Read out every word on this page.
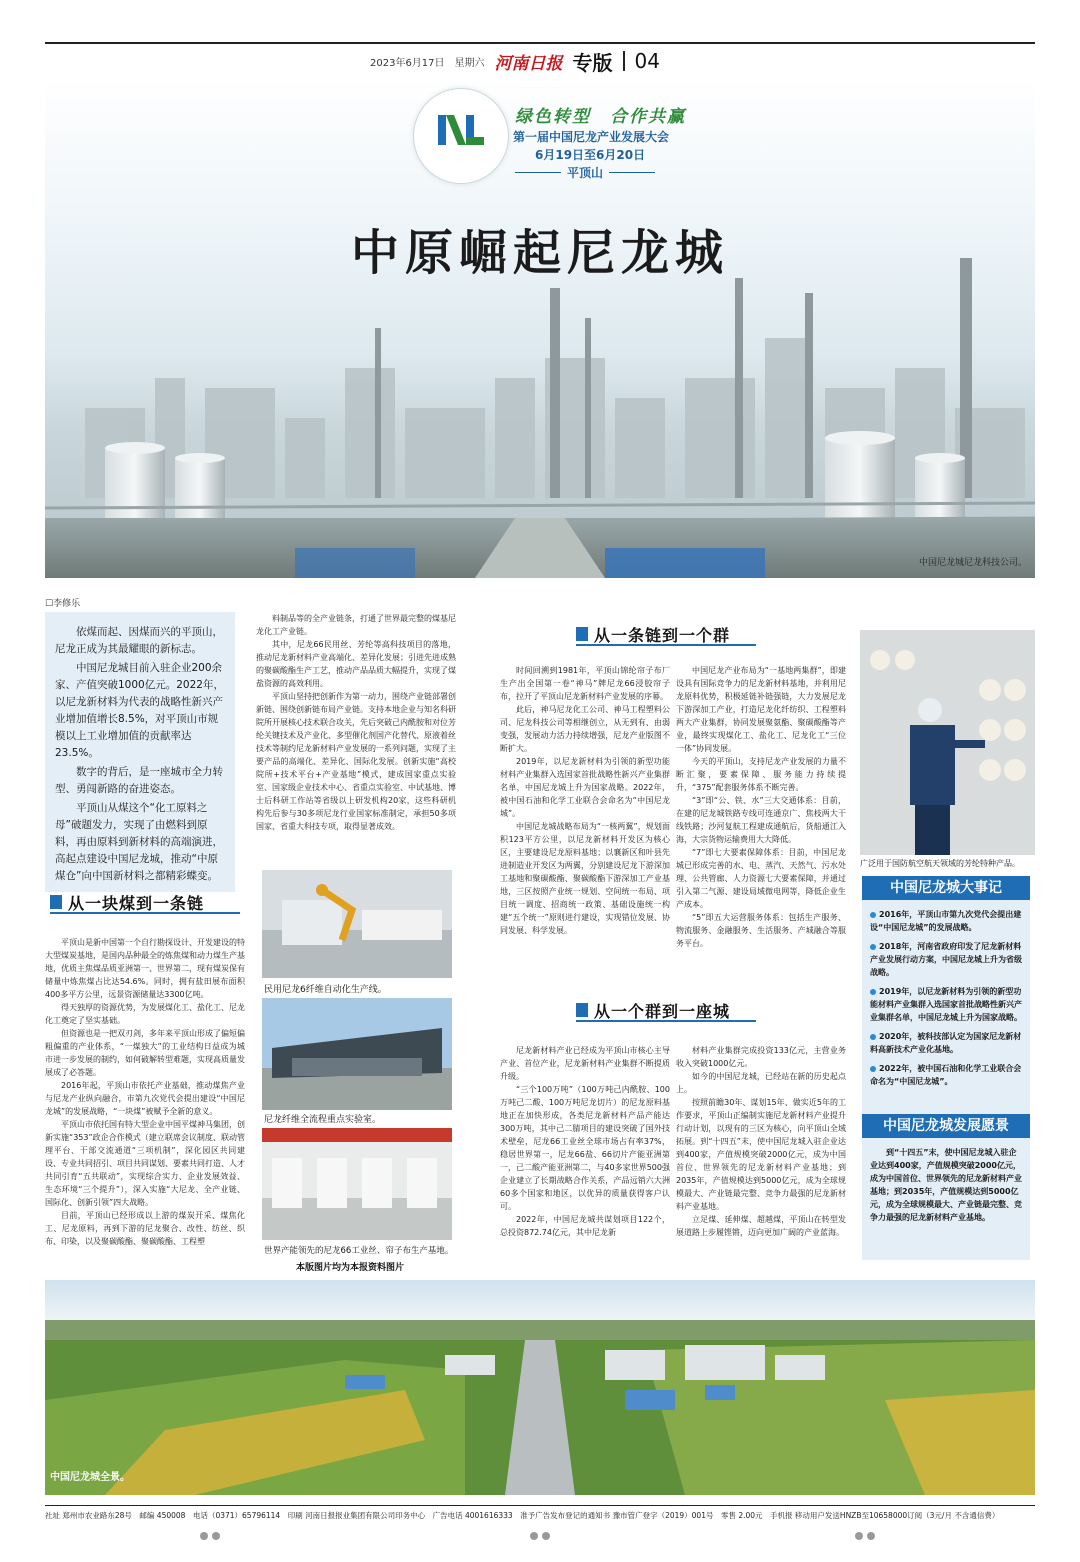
2023年6月17日　星期六 河南日报 专版 04
绿色转型　合作共赢
第一届中国尼龙产业发展大会
6月19日至6月20日
平顶山
中原崛起尼龙城
中国尼龙城尼龙科技公司。
☐李修乐

依煤而起、因煤而兴的平顶山，尼龙正成为其最耀眼的新标志。

中国尼龙城目前入驻企业200余家、产值突破1000亿元。2022年，以尼龙新材料为代表的战略性新兴产业增加值增长8.5%，对平顶山市规模以上工业增加值的贡献率达23.5%。

数字的背后，是一座城市全力转型、勇闯新路的奋进姿态。

平顶山从煤这个“化工原料之母”破题发力，实现了由燃料到原料，再由原料到新材料的高端演进，高起点建设中国尼龙城，推动“中原煤仓”向中国新材料之都精彩蝶变。

料制品等的全产业链条，打通了世界最完整的煤基尼龙化工产业链。

其中，尼龙66民用丝、芳纶等高科技项目的落地，推动尼龙新材料产业高端化、差异化发展；引进先进成熟的聚碳酸酯生产工艺，推动产品品质大幅提升，实现了煤盐资源的高效利用。

平顶山坚持把创新作为第一动力，围绕产业链部署创新链、围绕创新链布局产业链。支持本地企业与知名科研院所开展核心技术联合攻关，先后突破己内酰胺和对位芳纶关键技术及产业化、多型催化剂国产化替代、原液着丝技术等制约尼龙新材料产业发展的一系列问题，实现了主要产品的高端化、差异化、国际化发展。创新实施“高校院所+技术平台+产业基地”模式，建成国家重点实验室、国家级企业技术中心、省重点实验室、中试基地、博士后科研工作站等省级以上研发机构20家，这些科研机构先后参与30多项尼龙行业国家标准制定，承担50多项国家、省重大科技专项，取得显著成效。

从一块煤到一条链

平顶山是新中国第一个自行勘探设计、开发建设的特大型煤炭基地，是国内品种最全的炼焦煤和动力煤生产基地，优质主焦煤品质亚洲第一、世界第二，现有煤炭保有储量中炼焦煤占比达54.6%。同时，拥有盐田展布面积400多平方公里，远景资源储量达3300亿吨。

得天独厚的资源优势，为发展煤化工、盐化工、尼龙化工奠定了坚实基础。

但资源也是一把双刃剑，多年来平顶山形成了偏短偏粗偏重的产业体系，“一煤独大”的工业结构日益成为城市进一步发展的制约，如何破解转型难题，实现高质量发展成了必答题。

2016年起，平顶山市依托产业基础，推动煤焦产业与尼龙产业纵向融合，市第九次党代会提出建设“中国尼龙城”的发展战略，“一块煤”被赋予全新的意义。

平顶山市依托国有特大型企业中国平煤神马集团，创新实施“353”政企合作模式（建立联席会议制度、联动管理平台、干部交流通道“三项机制”，深化园区共同建设、专业共同招引、项目共同谋划、要素共同打造、人才共同引育“五共联动”，实现综合实力、企业发展效益、生态环境“三个提升”），深入实施“大尼龙、全产业链、国际化、创新引领”四大战略。

目前，平顶山已经形成以上游的煤炭开采、煤焦化工、尼龙原料，再到下游的尼龙聚合、改性、纺丝、织布、印染，以及聚碳酸酯、聚碳酸酯、工程塑

民用尼龙6纤维自动化生产线。
尼龙纤维全流程重点实验室。
世界产能领先的尼龙66工业丝、帘子布生产基地。
本版图片均为本报资料图片
从一条链到一个群

时间回溯到1981年，平顶山锦纶帘子布厂生产出全国第一卷“神马”牌尼龙66浸胶帘子布，拉开了平顶山尼龙新材料产业发展的序幕。

此后，神马尼龙化工公司、神马工程塑料公司、尼龙科技公司等相继创立，从无到有、由弱变强，发展动力活力持续增强，尼龙产业版图不断扩大。

2019年，以尼龙新材料为引领的新型功能材料产业集群入选国家首批战略性新兴产业集群名单，中国尼龙城上升为国家战略。2022年，被中国石油和化学工业联合会命名为“中国尼龙城”。

中国尼龙城战略布局为“一核两翼”，规划面积123平方公里，以尼龙新材料开发区为核心区，主要建设尼龙原料基地；以襄新区和叶县先进制造业开发区为两翼，分别建设尼龙下游深加工基地和聚碳酸酯、聚碳酸酯下游深加工产业基地，三区按照产业统一规划、空间统一布局、项目统一调度、招商统一政策、基础设施统一构建“五个统一”原则进行建设，实现错位发展、协同发展、科学发展。

中国尼龙产业布局为“一基地两集群”，即建设具有国际竞争力的尼龙新材料基地，并利用尼龙原料优势，积极延链补链强链，大力发展尼龙下游深加工产业，打造尼龙化纤纺织、工程塑料两大产业集群，协同发展聚氨酯、聚碳酸酯等产业，最终实现煤化工、盐化工、尼龙化工“三位一体”协同发展。

今天的平顶山，支持尼龙产业发展的力量不断汇聚，要素保障、服务能力持续提升，“375”配套服务体系不断完善。

“3”即“公、铁、水”三大交通体系：目前，在建的尼龙城铁路专线可连通京广、焦枝两大干线铁路；沙河复航工程建成通航后，货船通江入海，大宗货物运输费用大大降低。

“7”即七大要素保障体系：目前，中国尼龙城已形成完善的水、电、蒸汽、天然气、污水处理、公共管廊、人力资源七大要素保障，并通过引入第二气源、建设局域微电网等，降低企业生产成本。

“5”即五大运营服务体系：包括生产服务、物流服务、金融服务、生活服务、产城融合等服务平台。

从一个群到一座城

尼龙新材料产业已经成为平顶山市核心主导产业、首位产业，尼龙新材料产业集群不断提质升级。

“三个100万吨”（100万吨己内酰胺、100万吨己二酸、100万吨尼龙切片）的尼龙原料基地正在加快形成，各类尼龙新材料产品产能达300万吨，其中己二腈项目的建设突破了国外技术壁垒，尼龙66工业丝全球市场占有率37%，稳居世界第一，尼龙66盐、66切片产能亚洲第一，己二酸产能亚洲第二，与40多家世界500强企业建立了长期战略合作关系，产品远销六大洲60多个国家和地区，以优异的质量获得客户认可。

2022年，中国尼龙城共谋划项目122个，总投资872.74亿元，其中尼龙新

材料产业集群完成投资133亿元，主营业务收入突破1000亿元。

如今的中国尼龙城，已经站在新的历史起点上。

按照前瞻30年、谋划15年、做实近5年的工作要求，平顶山正编制实施尼龙新材料产业提升行动计划，以现有的三区为核心，向平顶山全域拓展。到“十四五”末，使中国尼龙城入驻企业达到400家，产值规模突破2000亿元，成为中国首位、世界领先的尼龙新材料产业基地；到2035年，产值规模达到5000亿元，成为全球规模最大、产业链最完整、竞争力最强的尼龙新材料产业基地。

立足煤、延伸煤、超越煤，平顶山在转型发展道路上步履铿锵，迈向更加广阔的产业蓝海。

广泛用于国防航空航天领域的芳纶特种产品。
中国尼龙城大事记
2016年，平顶山市第九次党代会提出建设“中国尼龙城”的发展战略。
2018年，河南省政府印发了尼龙新材料产业发展行动方案，中国尼龙城上升为省级战略。
2019年，以尼龙新材料为引领的新型功能材料产业集群入选国家首批战略性新兴产业集群名单，中国尼龙城上升为国家战略。
2020年，被科技部认定为国家尼龙新材料高新技术产业化基地。
2022年，被中国石油和化学工业联合会命名为“中国尼龙城”。
中国尼龙城发展愿景
到“十四五”末，使中国尼龙城入驻企业达到400家，产值规模突破2000亿元，成为中国首位、世界领先的尼龙新材料产业基地；到2035年，产值规模达到5000亿元，成为全球规模最大、产业链最完整、竞争力最强的尼龙新材料产业基地。
中国尼龙城全景。
社址 郑州市农业路东28号　邮编 450008　电话（0371）65796114　印刷 河南日报报业集团有限公司印务中心　广告电话 4001616333　准予广告发布登记的通知书 豫市管广登字（2019）001号　零售 2.00元　手机报 移动用户发送HNZB至10658000订阅（3元/月 不含通信费）
